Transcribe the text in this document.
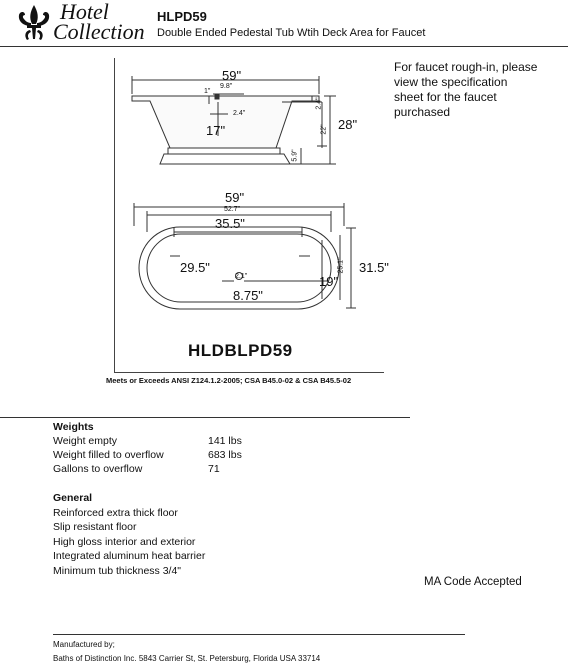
Hotel
Collection
HLPD59
Double Ended Pedestal Tub Wtih Deck Area for Faucet
For faucet rough-in, please
view the specification
sheet for the faucet
purchased
59"
1"
9.8"
2.4"
17"	28"
22"
2.4"
5.9"
59"
52.7"
35.5"
29.5"
2.1"
8.75"
19"
25.1" 31.5"
HLDBLPD59
Meets or Exceeds ANSI Z124.1.2-2005; CSA B45.0-02 & CSA B45.5-02
Weights
Weight empty	141 lbs
Weight filled to overflow	683 lbs
Gallons to overflow	71
General
Reinforced extra thick floor
Slip resistant floor
High gloss interior and exterior
Integrated aluminum heat barrier
Minimum tub thickness 3/4"
MA Code Accepted
Manufactured by;
Baths of Distinction Inc. 5843 Carrier St, St. Petersburg, Florida USA 33714
